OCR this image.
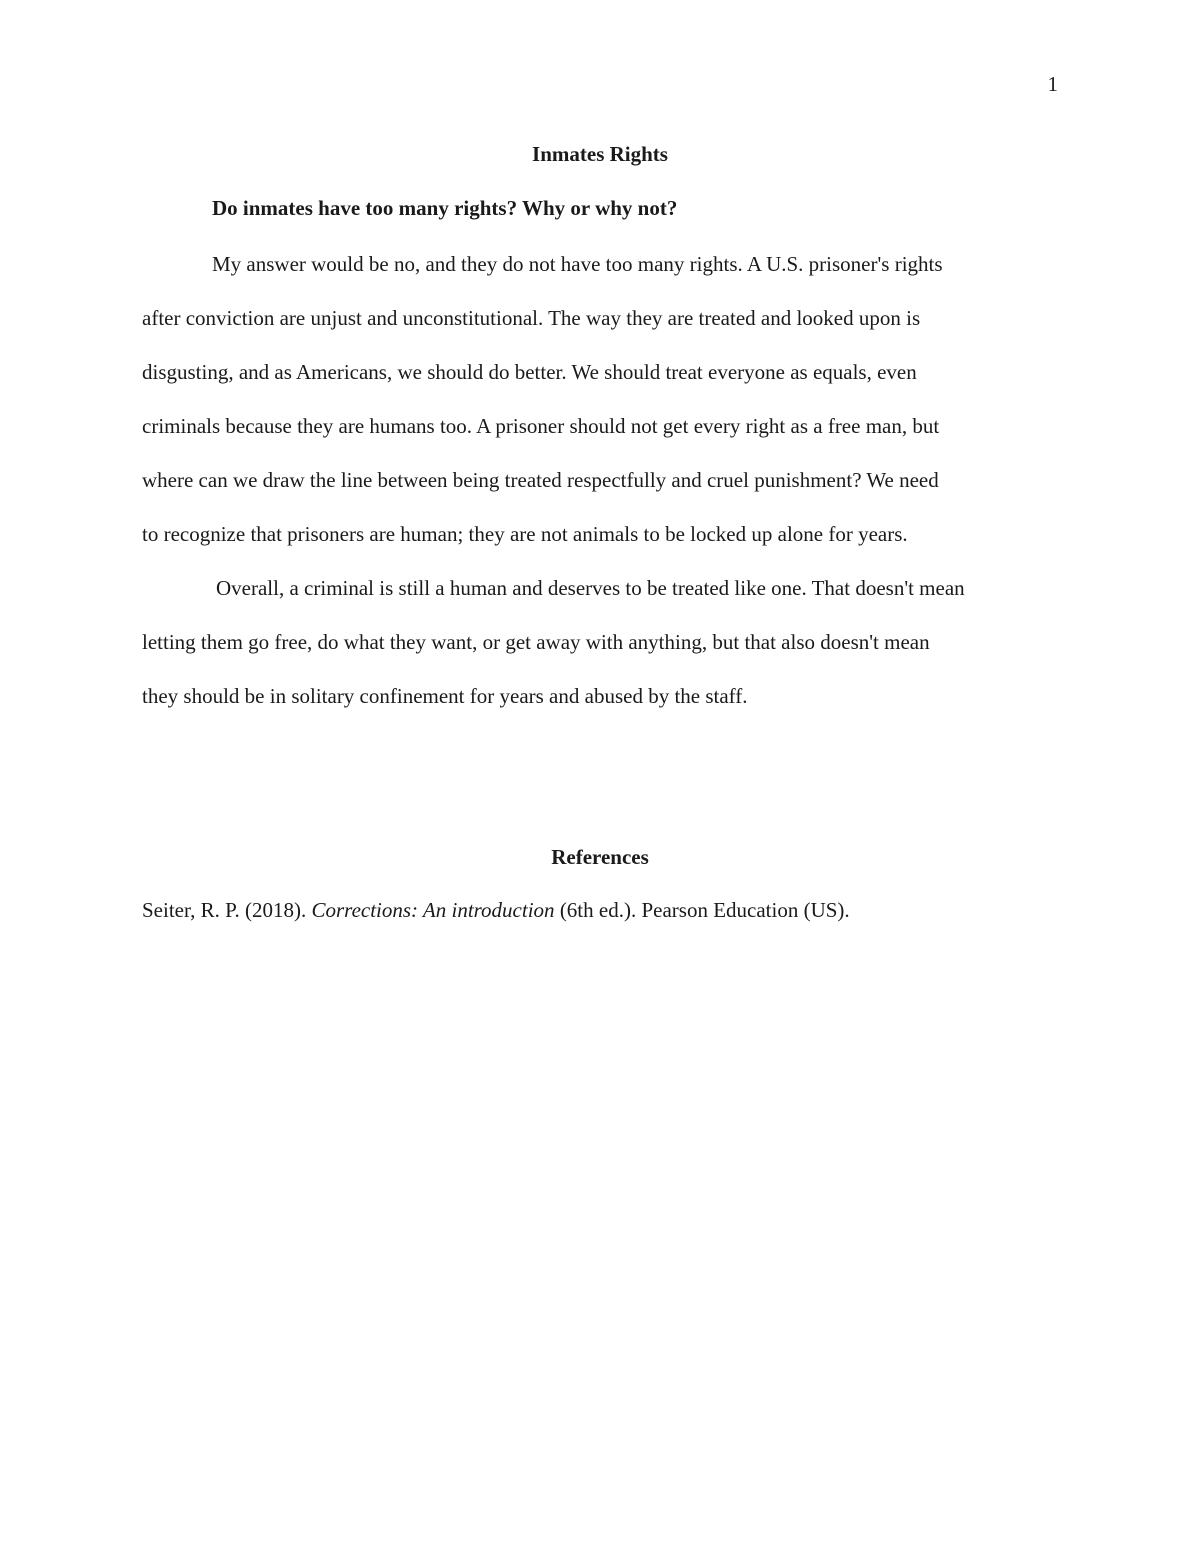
1
Inmates Rights
Do inmates have too many rights? Why or why not?
My answer would be no, and they do not have too many rights. A U.S. prisoner's rights
after conviction are unjust and unconstitutional. The way they are treated and looked upon is
disgusting, and as Americans, we should do better. We should treat everyone as equals, even
criminals because they are humans too. A prisoner should not get every right as a free man, but
where can we draw the line between being treated respectfully and cruel punishment? We need
to recognize that prisoners are human; they are not animals to be locked up alone for years.
Overall, a criminal is still a human and deserves to be treated like one. That doesn't mean
letting them go free, do what they want, or get away with anything, but that also doesn't mean
they should be in solitary confinement for years and abused by the staff.
References
Seiter, R. P. (2018). Corrections: An introduction (6th ed.). Pearson Education (US).
